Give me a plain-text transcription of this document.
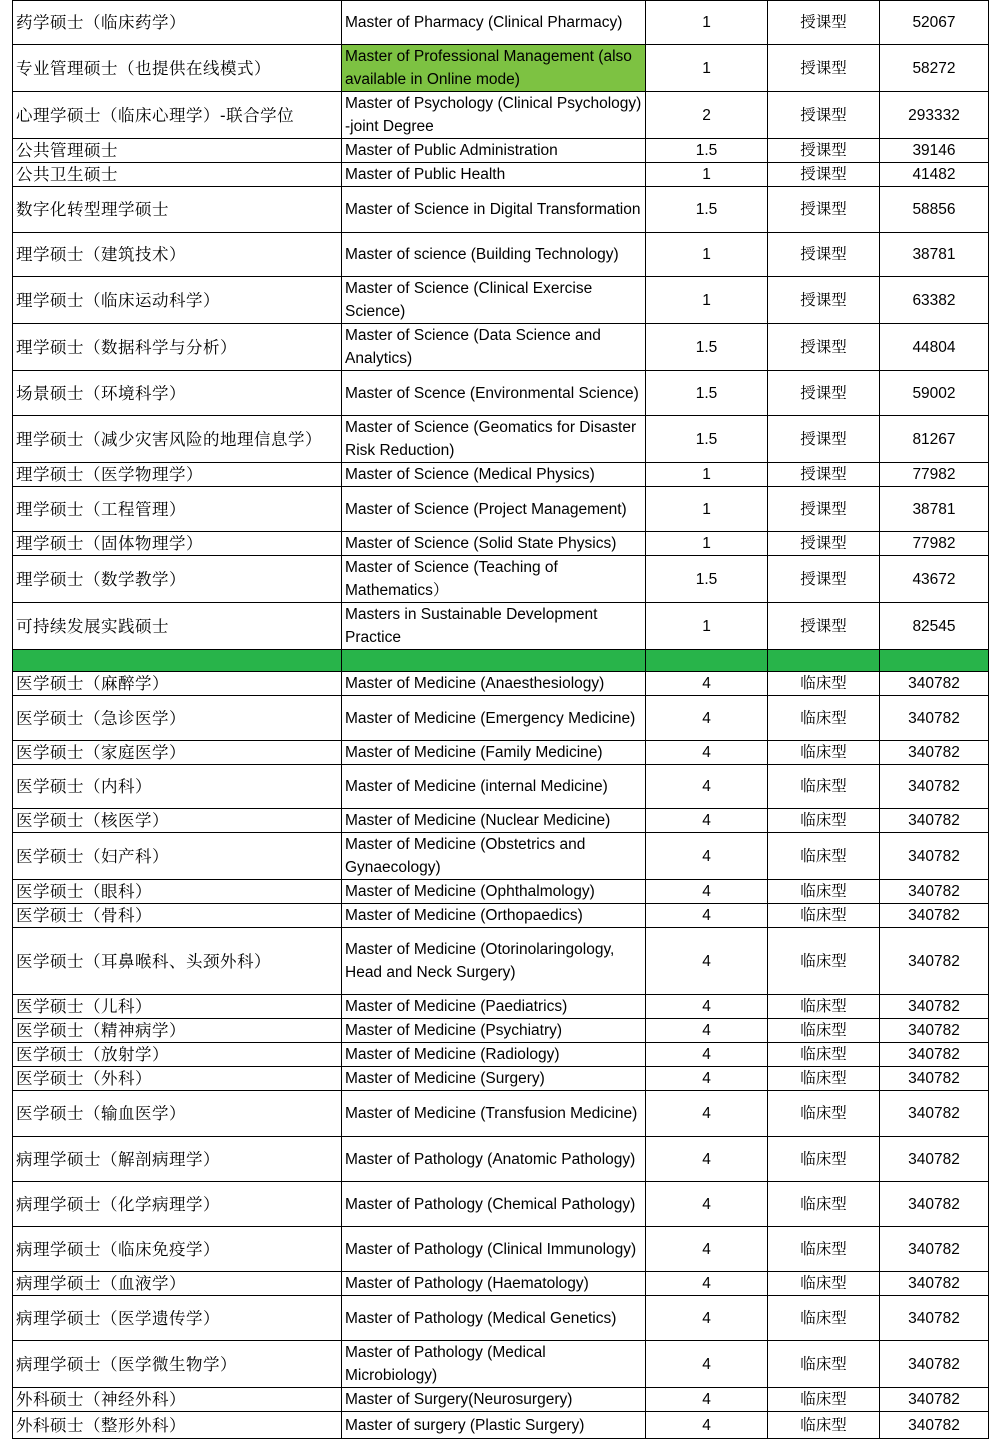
药学硕士（临床药学）	Master of Pharmacy (Clinical Pharmacy)	1	授课型	52067
专业管理硕士（也提供在线模式）	Master of Professional Management (also available in Online mode)	1	授课型	58272
心理学硕士（临床心理学）-联合学位	Master of Psychology (Clinical Psychology) -joint Degree	2	授课型	293332
公共管理硕士	Master of Public Administration	1.5	授课型	39146
公共卫生硕士	Master of Public Health	1	授课型	41482
数字化转型理学硕士	Master of Science in Digital Transformation	1.5	授课型	58856
理学硕士（建筑技术）	Master of science (Building Technology)	1	授课型	38781
理学硕士（临床运动科学）	Master of Science (Clinical Exercise Science)	1	授课型	63382
理学硕士（数据科学与分析）	Master of Science (Data Science and Analytics)	1.5	授课型	44804
场景硕士（环境科学）	Master of Scence (Environmental Science)	1.5	授课型	59002
理学硕士（减少灾害风险的地理信息学）	Master of Science (Geomatics for Disaster Risk Reduction)	1.5	授课型	81267
理学硕士（医学物理学）	Master of Science (Medical Physics)	1	授课型	77982
理学硕士（工程管理）	Master of Science (Project Management)	1	授课型	38781
理学硕士（固体物理学）	Master of Science (Solid State Physics)	1	授课型	77982
理学硕士（数学教学）	Master of Science (Teaching of Mathematics）	1.5	授课型	43672
可持续发展实践硕士	Masters in Sustainable Development Practice	1	授课型	82545

医学硕士（麻醉学）	Master of Medicine (Anaesthesiology)	4	临床型	340782
医学硕士（急诊医学）	Master of Medicine (Emergency Medicine)	4	临床型	340782
医学硕士（家庭医学）	Master of Medicine (Family Medicine)	4	临床型	340782
医学硕士（内科）	Master of Medicine (internal Medicine)	4	临床型	340782
医学硕士（核医学）	Master of Medicine (Nuclear Medicine)	4	临床型	340782
医学硕士（妇产科）	Master of Medicine (Obstetrics and Gynaecology)	4	临床型	340782
医学硕士（眼科）	Master of Medicine (Ophthalmology)	4	临床型	340782
医学硕士（骨科）	Master of Medicine (Orthopaedics)	4	临床型	340782
医学硕士（耳鼻喉科、头颈外科）	Master of Medicine (Otorinolaringology, Head and Neck Surgery)	4	临床型	340782
医学硕士（儿科）	Master of Medicine (Paediatrics)	4	临床型	340782
医学硕士（精神病学）	Master of Medicine (Psychiatry)	4	临床型	340782
医学硕士（放射学）	Master of Medicine (Radiology)	4	临床型	340782
医学硕士（外科）	Master of Medicine (Surgery)	4	临床型	340782
医学硕士（输血医学）	Master of Medicine (Transfusion Medicine)	4	临床型	340782
病理学硕士（解剖病理学）	Master of Pathology (Anatomic Pathology)	4	临床型	340782
病理学硕士（化学病理学）	Master of Pathology (Chemical Pathology)	4	临床型	340782
病理学硕士（临床免疫学）	Master of Pathology (Clinical Immunology)	4	临床型	340782
病理学硕士（血液学）	Master of Pathology (Haematology)	4	临床型	340782
病理学硕士（医学遗传学）	Master of Pathology (Medical Genetics)	4	临床型	340782
病理学硕士（医学微生物学）	Master of Pathology (Medical Microbiology)	4	临床型	340782
外科硕士（神经外科）	Master of Surgery(Neurosurgery)	4	临床型	340782
外科硕士（整形外科）	Master of surgery (Plastic Surgery)	4	临床型	340782
